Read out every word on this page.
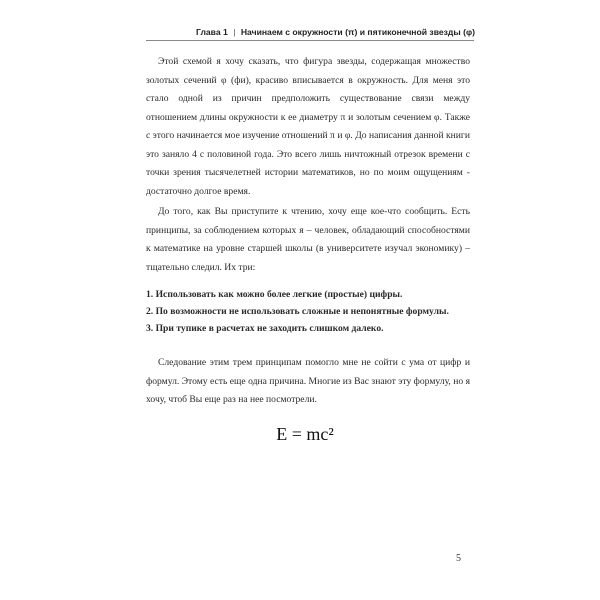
Глава 1 | Начинаем с окружности (π) и пятиконечной звезды (φ)

Этой схемой я хочу сказать, что фигура звезды, содержащая множество золотых сечений φ (фи), красиво вписывается в окружность. Для меня это стало одной из причин предположить существование связи между отношением длины окружности к ее диаметру π и золотым сечением φ. Также с этого начинается мое изучение отношений π и φ. До написания данной книги это заняло 4 с половиной года. Это всего лишь ничтожный отрезок времени с точки зрения тысячелетней истории математиков, но по моим ощущениям - достаточно долгое время.

До того, как Вы приступите к чтению, хочу еще кое-что сообщить. Есть принципы, за соблюдением которых я – человек, обладающий способностями к математике на уровне старшей школы (в университете изучал экономику) – тщательно следил. Их три:

1. Использовать как можно более легкие (простые) цифры.
2. По возможности не использовать сложные и непонятные формулы.
3. При тупике в расчетах не заходить слишком далеко.

Следование этим трем принципам помогло мне не сойти с ума от цифр и формул. Этому есть еще одна причина. Многие из Вас знают эту формулу, но я хочу, чтоб Вы еще раз на нее посмотрели.

E = mc²
5
